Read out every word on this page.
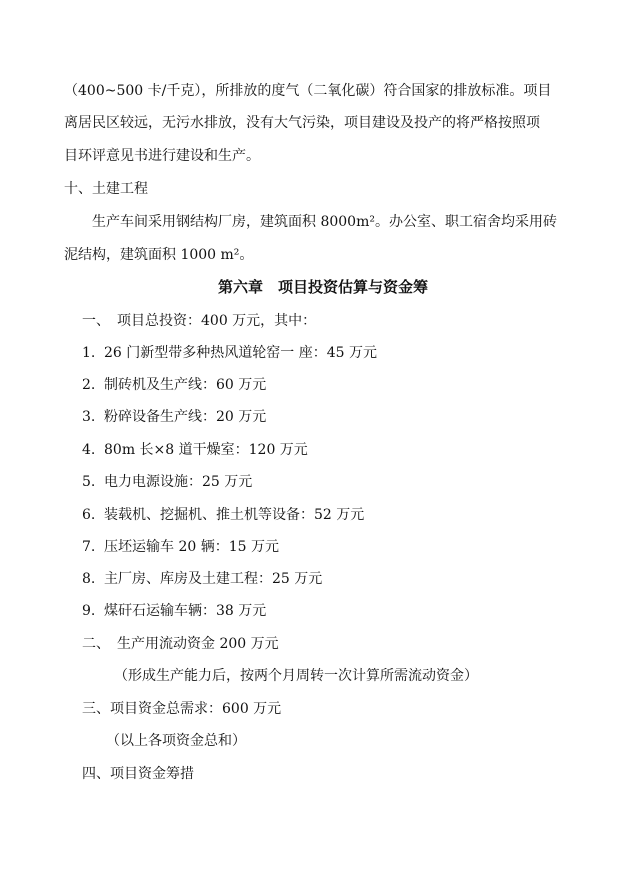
（400~500 卡/千克），所排放的度气（二氧化碳）符合国家的排放标准。项目
离居民区较远，无污水排放，没有大气污染，项目建设及投产的将严格按照项
目环评意见书进行建设和生产。
十、土建工程
生产车间采用钢结构厂房，建筑面积 8000m²。办公室、职工宿舍均采用砖
泥结构，建筑面积 1000 m²。
第六章　项目投资估算与资金筹
一、　项目总投资：400 万元，其中：
1. 26 门新型带多种热风道轮窑一 座：45 万元
2. 制砖机及生产线：60 万元
3. 粉碎设备生产线：20 万元
4. 80m 长×8 道干燥室：120 万元
5. 电力电源设施：25 万元
6. 装载机、挖掘机、推土机等设备：52 万元
7. 压坯运输车 20 辆：15 万元
8. 主厂房、库房及土建工程：25 万元
9. 煤矸石运输车辆：38 万元
二、　生产用流动资金 200 万元
（形成生产能力后，按两个月周转一次计算所需流动资金）
三、项目资金总需求：600 万元
（以上各项资金总和）
四、项目资金筹措
